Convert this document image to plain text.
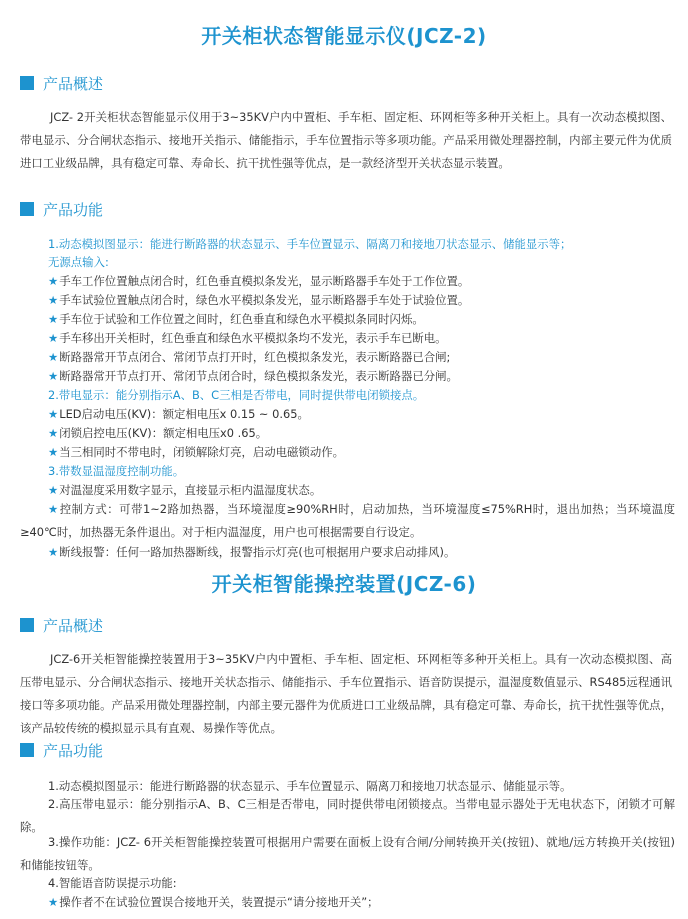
开关柜状态智能显示仪(JCZ-2)
产品概述
JCZ- 2开关柜状态智能显示仪用于3~35KV户内中置柜、手车柜、固定柜、环网柜等多种开关柜上。具有一次动态模拟图、带电显示、分合闸状态指示、接地开关指示、储能指示，手车位置指示等多项功能。产品采用微处理器控制，内部主要元件为优质进口工业级品牌，具有稳定可靠、寿命长、抗干扰性强等优点，是一款经济型开关状态显示装置。
产品功能
1.动态模拟图显示：能进行断路器的状态显示、手车位置显示、隔离刀和接地刀状态显示、储能显示等；
无源点输入:
★手车工作位置触点闭合时，红色垂直模拟条发光，显示断路器手车处于工作位置。
★手车试验位置触点闭合时，绿色水平模拟条发光，显示断路器手车处于试验位置。
★手车位于试验和工作位置之间时，红色垂直和绿色水平模拟条同时闪烁。
★手车移出开关柜时，红色垂直和绿色水平模拟条均不发光，表示手车已断电。
★断路器常开节点闭合、常闭节点打开时，红色模拟条发光，表示断路器已合闸;
★断路器常开节点打开、常闭节点闭合时，绿色模拟条发光，表示断路器已分闸。
2.带电显示：能分别指示A、B、C三相是否带电，同时提供带电闭锁接点。
★LED启动电压(KV)：额定相电压x 0.15 ~ 0.65。
★闭锁启控电压(KV)：额定相电压x0 .65。
★当三相同时不带电时，闭锁解除灯亮，启动电磁锁动作。
3.带数显温湿度控制功能。
★对温湿度采用数字显示，直接显示柜内温湿度状态。
★控制方式：可带1~2路加热器，当环境湿度≥90%RH时，启动加热，当环境湿度≤75%RH时，退出加热；当环境温度≥40℃时，加热器无条件退出。对于柜内温湿度，用户也可根据需要自行设定。
★断线报警：任何一路加热器断线，报警指示灯亮(也可根据用户要求启动排风)。
开关柜智能操控装置(JCZ-6)
产品概述
JCZ-6开关柜智能操控装置用于3~35KV户内中置柜、手车柜、固定柜、环网柜等多种开关柜上。具有一次动态模拟图、高压带电显示、分合闸状态指示、接地开关状态指示、储能指示、手车位置指示、语音防误提示，温湿度数值显示、RS485远程通讯接口等多项功能。产品采用微处理器控制，内部主要元器件为优质进口工业级品牌，具有稳定可靠、寿命长，抗干扰性强等优点，该产品较传统的模拟显示具有直观、易操作等优点。
产品功能
1.动态模拟图显示：能进行断路器的状态显示、手车位置显示、隔离刀和接地刀状态显示、储能显示等。
2.高压带电显示：能分别指示A、B、C三相是否带电，同时提供带电闭锁接点。当带电显示器处于无电状态下，闭锁才可解除。
3.操作功能：JCZ- 6开关柜智能操控装置可根据用户需要在面板上设有合闸/分闸转换开关(按钮)、就地/远方转换开关(按钮)和储能按钮等。
4.智能语音防误提示功能:
★操作者不在试验位置误合接地开关，装置提示“请分接地开关”；
